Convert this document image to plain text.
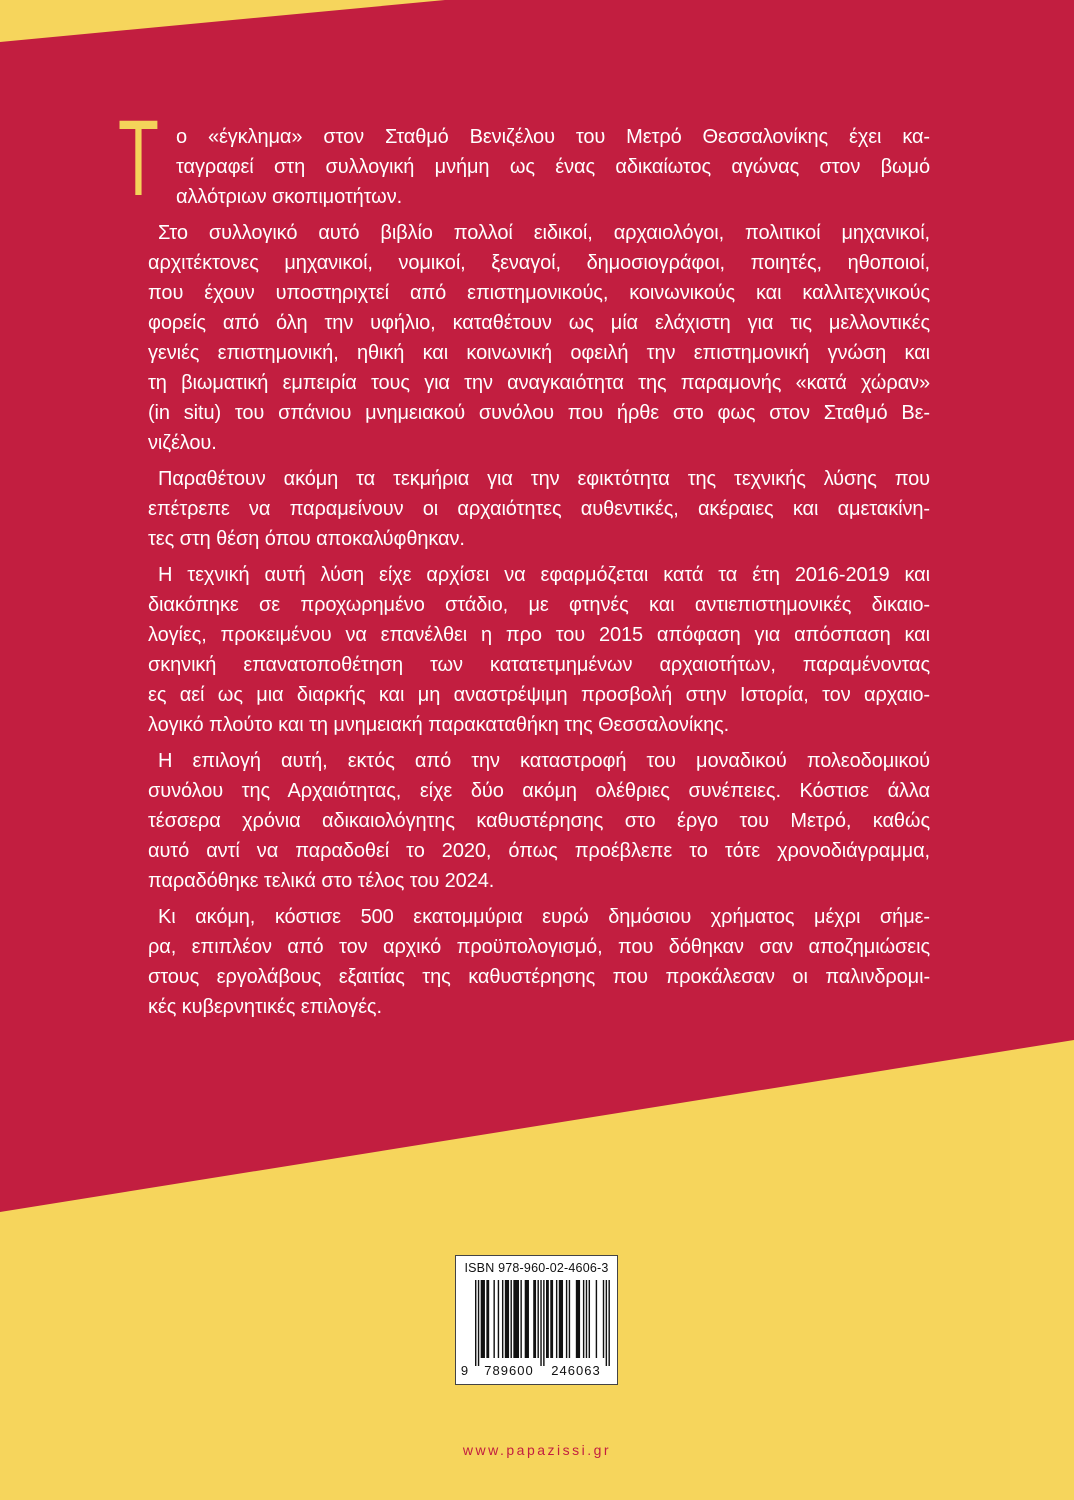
Τ ο «έγκλημα» στον Σταθμό Βενιζέλου του Μετρό Θεσσαλονίκης έχει κα-
ταγραφεί στη συλλογική μνήμη ως ένας αδικαίωτος αγώνας στον βωμό
αλλότριων σκοπιμοτήτων.
Στο συλλογικό αυτό βιβλίο πολλοί ειδικοί, αρχαιολόγοι, πολιτικοί μηχανικοί,
αρχιτέκτονες μηχανικοί, νομικοί, ξεναγοί, δημοσιογράφοι, ποιητές, ηθοποιοί,
που έχουν υποστηριχτεί από επιστημονικούς, κοινωνικούς και καλλιτεχνικούς
φορείς από όλη την υφήλιο, καταθέτουν ως μία ελάχιστη για τις μελλοντικές
γενιές επιστημονική, ηθική και κοινωνική οφειλή την επιστημονική γνώση και
τη βιωματική εμπειρία τους για την αναγκαιότητα της παραμονής «κατά χώραν»
(in situ) του σπάνιου μνημειακού συνόλου που ήρθε στο φως στον Σταθμό Βε-
νιζέλου.
Παραθέτουν ακόμη τα τεκμήρια για την εφικτότητα της τεχνικής λύσης που
επέτρεπε να παραμείνουν οι αρχαιότητες αυθεντικές, ακέραιες και αμετακίνη-
τες στη θέση όπου αποκαλύφθηκαν.
Η τεχνική αυτή λύση είχε αρχίσει να εφαρμόζεται κατά τα έτη 2016-2019 και
διακόπηκε σε προχωρημένο στάδιο, με φτηνές και αντιεπιστημονικές δικαιο-
λογίες, προκειμένου να επανέλθει η προ του 2015 απόφαση για απόσπαση και
σκηνική επανατοποθέτηση των κατατετμημένων αρχαιοτήτων, παραμένοντας
ες αεί ως μια διαρκής και μη αναστρέψιμη προσβολή στην Ιστορία, τον αρχαιο-
λογικό πλούτο και τη μνημειακή παρακαταθήκη της Θεσσαλονίκης.
Η επιλογή αυτή, εκτός από την καταστροφή του μοναδικού πολεοδομικού
συνόλου της Αρχαιότητας, είχε δύο ακόμη ολέθριες συνέπειες. Κόστισε άλλα
τέσσερα χρόνια αδικαιολόγητης καθυστέρησης στο έργο του Μετρό, καθώς
αυτό αντί να παραδοθεί το 2020, όπως προέβλεπε το τότε χρονοδιάγραμμα,
παραδόθηκε τελικά στο τέλος του 2024.
Κι ακόμη, κόστισε 500 εκατομμύρια ευρώ δημόσιου χρήματος μέχρι σήμε-
ρα, επιπλέον από τον αρχικό προϋπολογισμό, που δόθηκαν σαν αποζημιώσεις
στους εργολάβους εξαιτίας της καθυστέρησης που προκάλεσαν οι παλινδρομι-
κές κυβερνητικές επιλογές.
ISBN 978-960-02-4606-3
9 789600 246063
www.papazissi.gr
